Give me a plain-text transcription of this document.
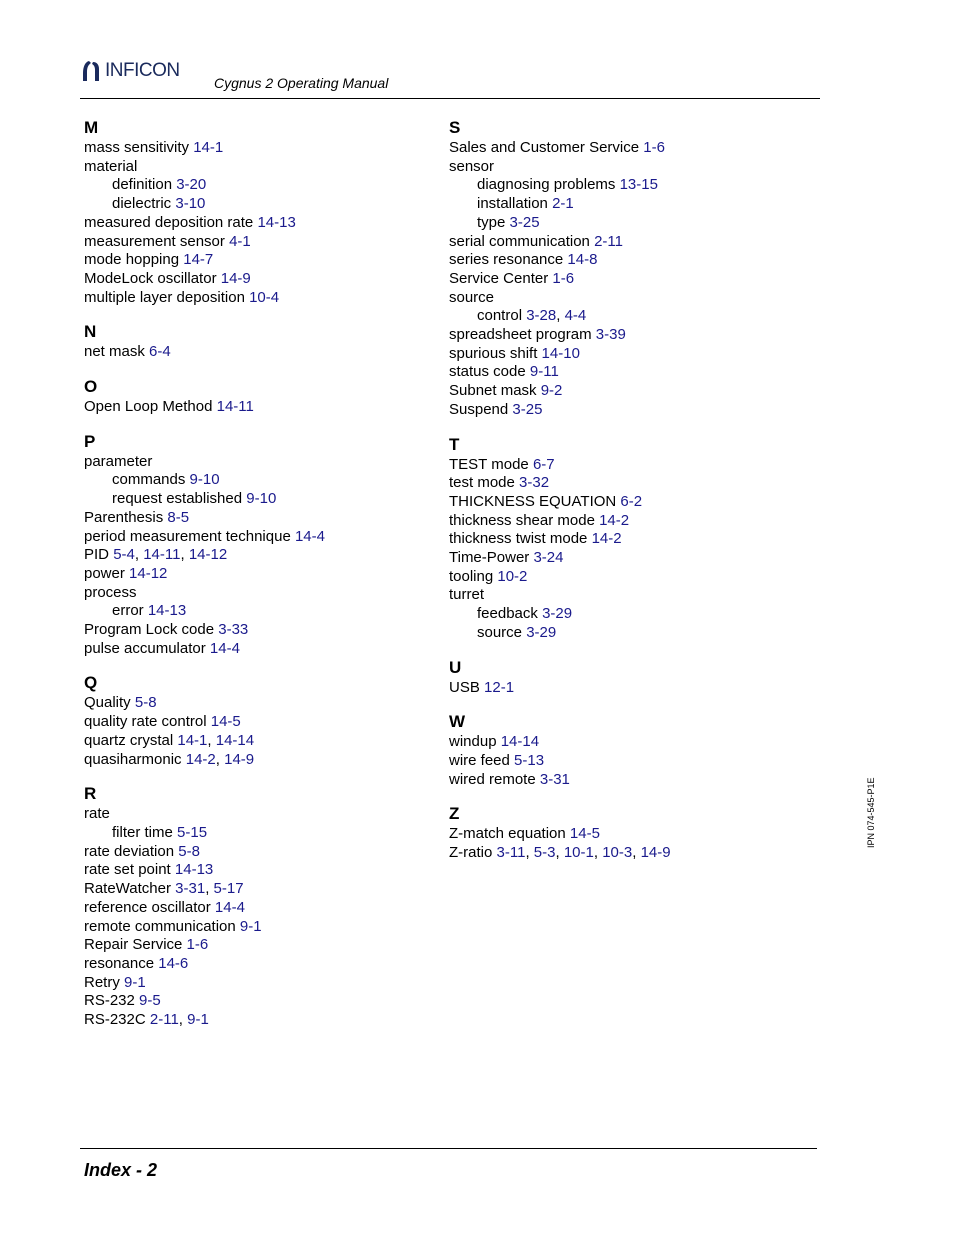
INFICON
Cygnus 2 Operating Manual
M
mass sensitivity 14-1
material
definition 3-20
dielectric 3-10
measured deposition rate 14-13
measurement sensor 4-1
mode hopping 14-7
ModeLock oscillator 14-9
multiple layer deposition 10-4
N
net mask 6-4
O
Open Loop Method 14-11
P
parameter
commands 9-10
request established 9-10
Parenthesis 8-5
period measurement technique 14-4
PID 5-4, 14-11, 14-12
power 14-12
process
error 14-13
Program Lock code 3-33
pulse accumulator 14-4
Q
Quality 5-8
quality rate control 14-5
quartz crystal 14-1, 14-14
quasiharmonic 14-2, 14-9
R
rate
filter time 5-15
rate deviation 5-8
rate set point 14-13
RateWatcher 3-31, 5-17
reference oscillator 14-4
remote communication 9-1
Repair Service 1-6
resonance 14-6
Retry 9-1
RS-232 9-5
RS-232C 2-11, 9-1
S
Sales and Customer Service 1-6
sensor
diagnosing problems 13-15
installation 2-1
type 3-25
serial communication 2-11
series resonance 14-8
Service Center 1-6
source
control 3-28, 4-4
spreadsheet program 3-39
spurious shift 14-10
status code 9-11
Subnet mask 9-2
Suspend 3-25
T
TEST mode 6-7
test mode 3-32
THICKNESS EQUATION 6-2
thickness shear mode 14-2
thickness twist mode 14-2
Time-Power 3-24
tooling 10-2
turret
feedback 3-29
source 3-29
U
USB 12-1
W
windup 14-14
wire feed 5-13
wired remote 3-31
Z
Z-match equation 14-5
Z-ratio 3-11, 5-3, 10-1, 10-3, 14-9
IPN 074-545-P1E
Index - 2
